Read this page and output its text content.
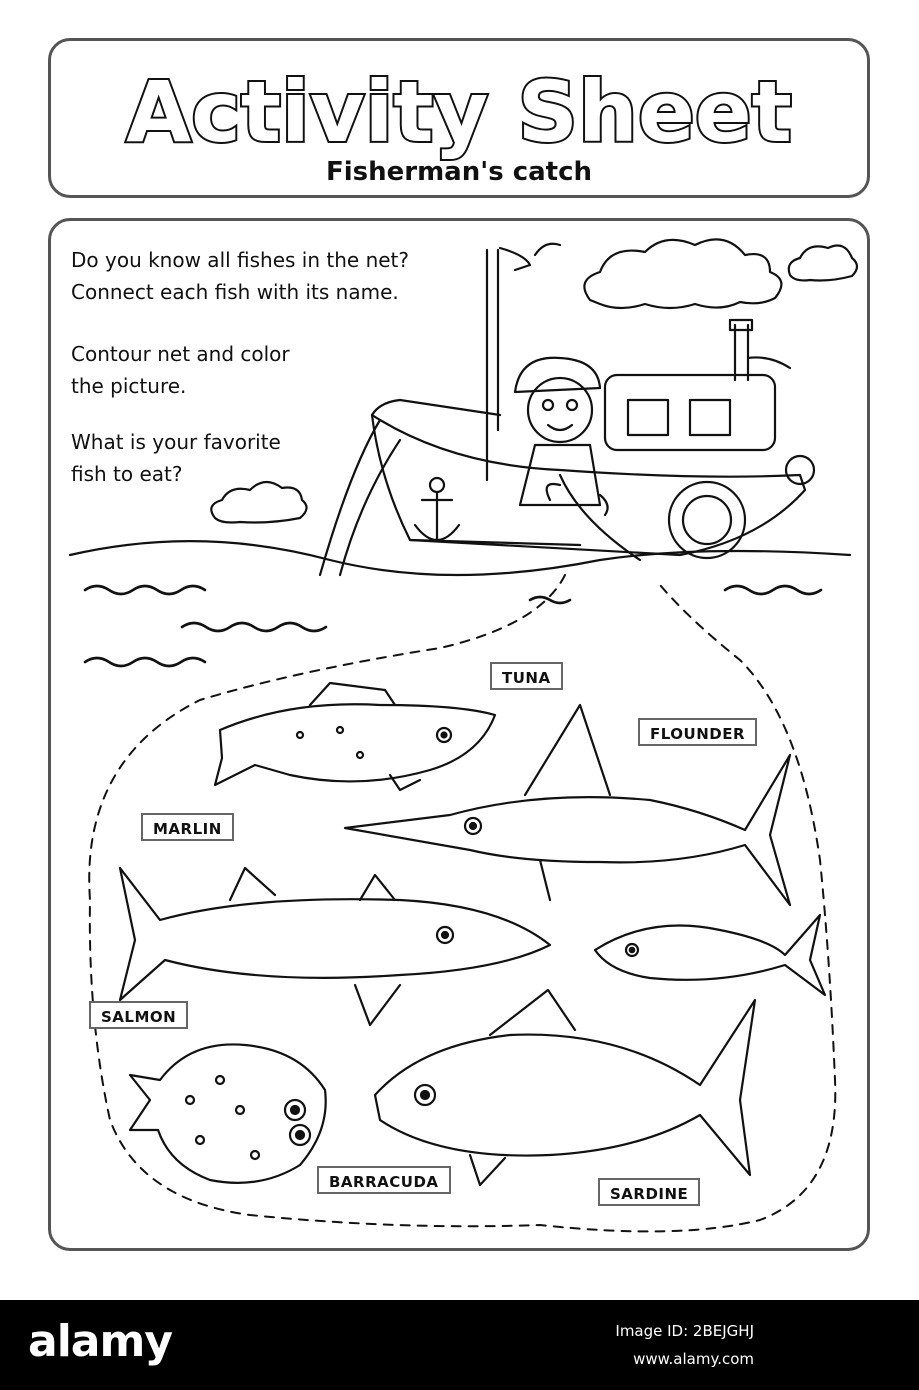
Activity Sheet
Fisherman's catch

Do you know all fishes in the net?

Connect each fish with its name.

Contour net and color

the picture.

What is your favorite

fish to eat?

TUNA
FLOUNDER
MARLIN
SALMON
BARRACUDA
SARDINE
alamy	Image ID: 2BEJGHJ
www.alamy.com
